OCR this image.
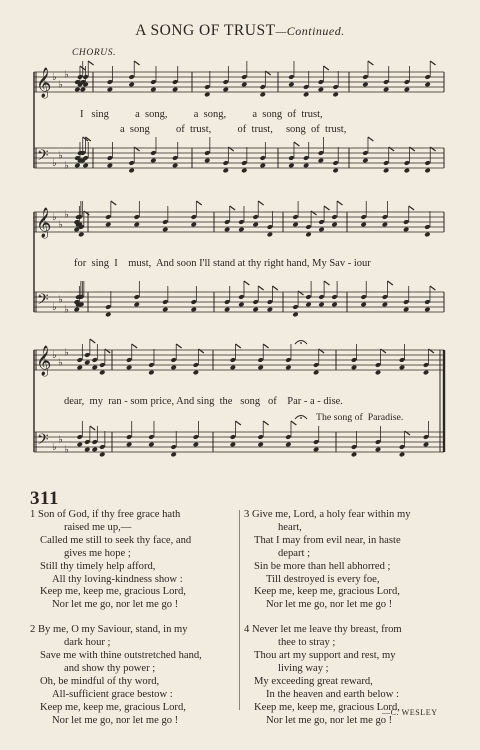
A SONG OF TRUST—Continued.
CHORUS.
♭
♭
♭
𝄞
♭
♭
♭
𝄢
♭
♭
♭
𝄞
♭
♭
♭
𝄢
♭
♭
♭
𝄞
♭
♭
♭
𝄢
I   sing          a  song,          a  song,          a  song  of  trust,
a  song          of  trust,          of  trust,     song  of  trust,
for  sing  I    must,  And soon I'll stand at thy right hand, My Sav - iour
dear,  my  ran - som price, And sing  the   song   of    Par - a - dise.
The song of  Paradise.
311
1 Son of God, if thy free grace hath
raised me up,—
Called me still to seek thy face, and
gives me hope ;
Still thy timely help afford,
All thy loving-kindness show :
Keep me, keep me, gracious Lord,
Nor let me go, nor let me go !
2 By me, O my Saviour, stand, in my
dark hour ;
Save me with thine outstretched hand,
and show thy power ;
Oh, be mindful of thy word,
All-sufficient grace bestow :
Keep me, keep me, gracious Lord,
Nor let me go, nor let me go !
3 Give me, Lord, a holy fear within my
heart,
That I may from evil near, in haste
depart ;
Sin be more than hell abhorred ;
Till destroyed is every foe,
Keep me, keep me, gracious Lord,
Nor let me go, nor let me go !
4 Never let me leave thy breast, from
thee to stray ;
Thou art my support and rest, my
living way ;
My exceeding great reward,
In the heaven and earth below :
Keep me, keep me, gracious Lord,
Nor let me go, nor let me go !
—C. WESLEY
